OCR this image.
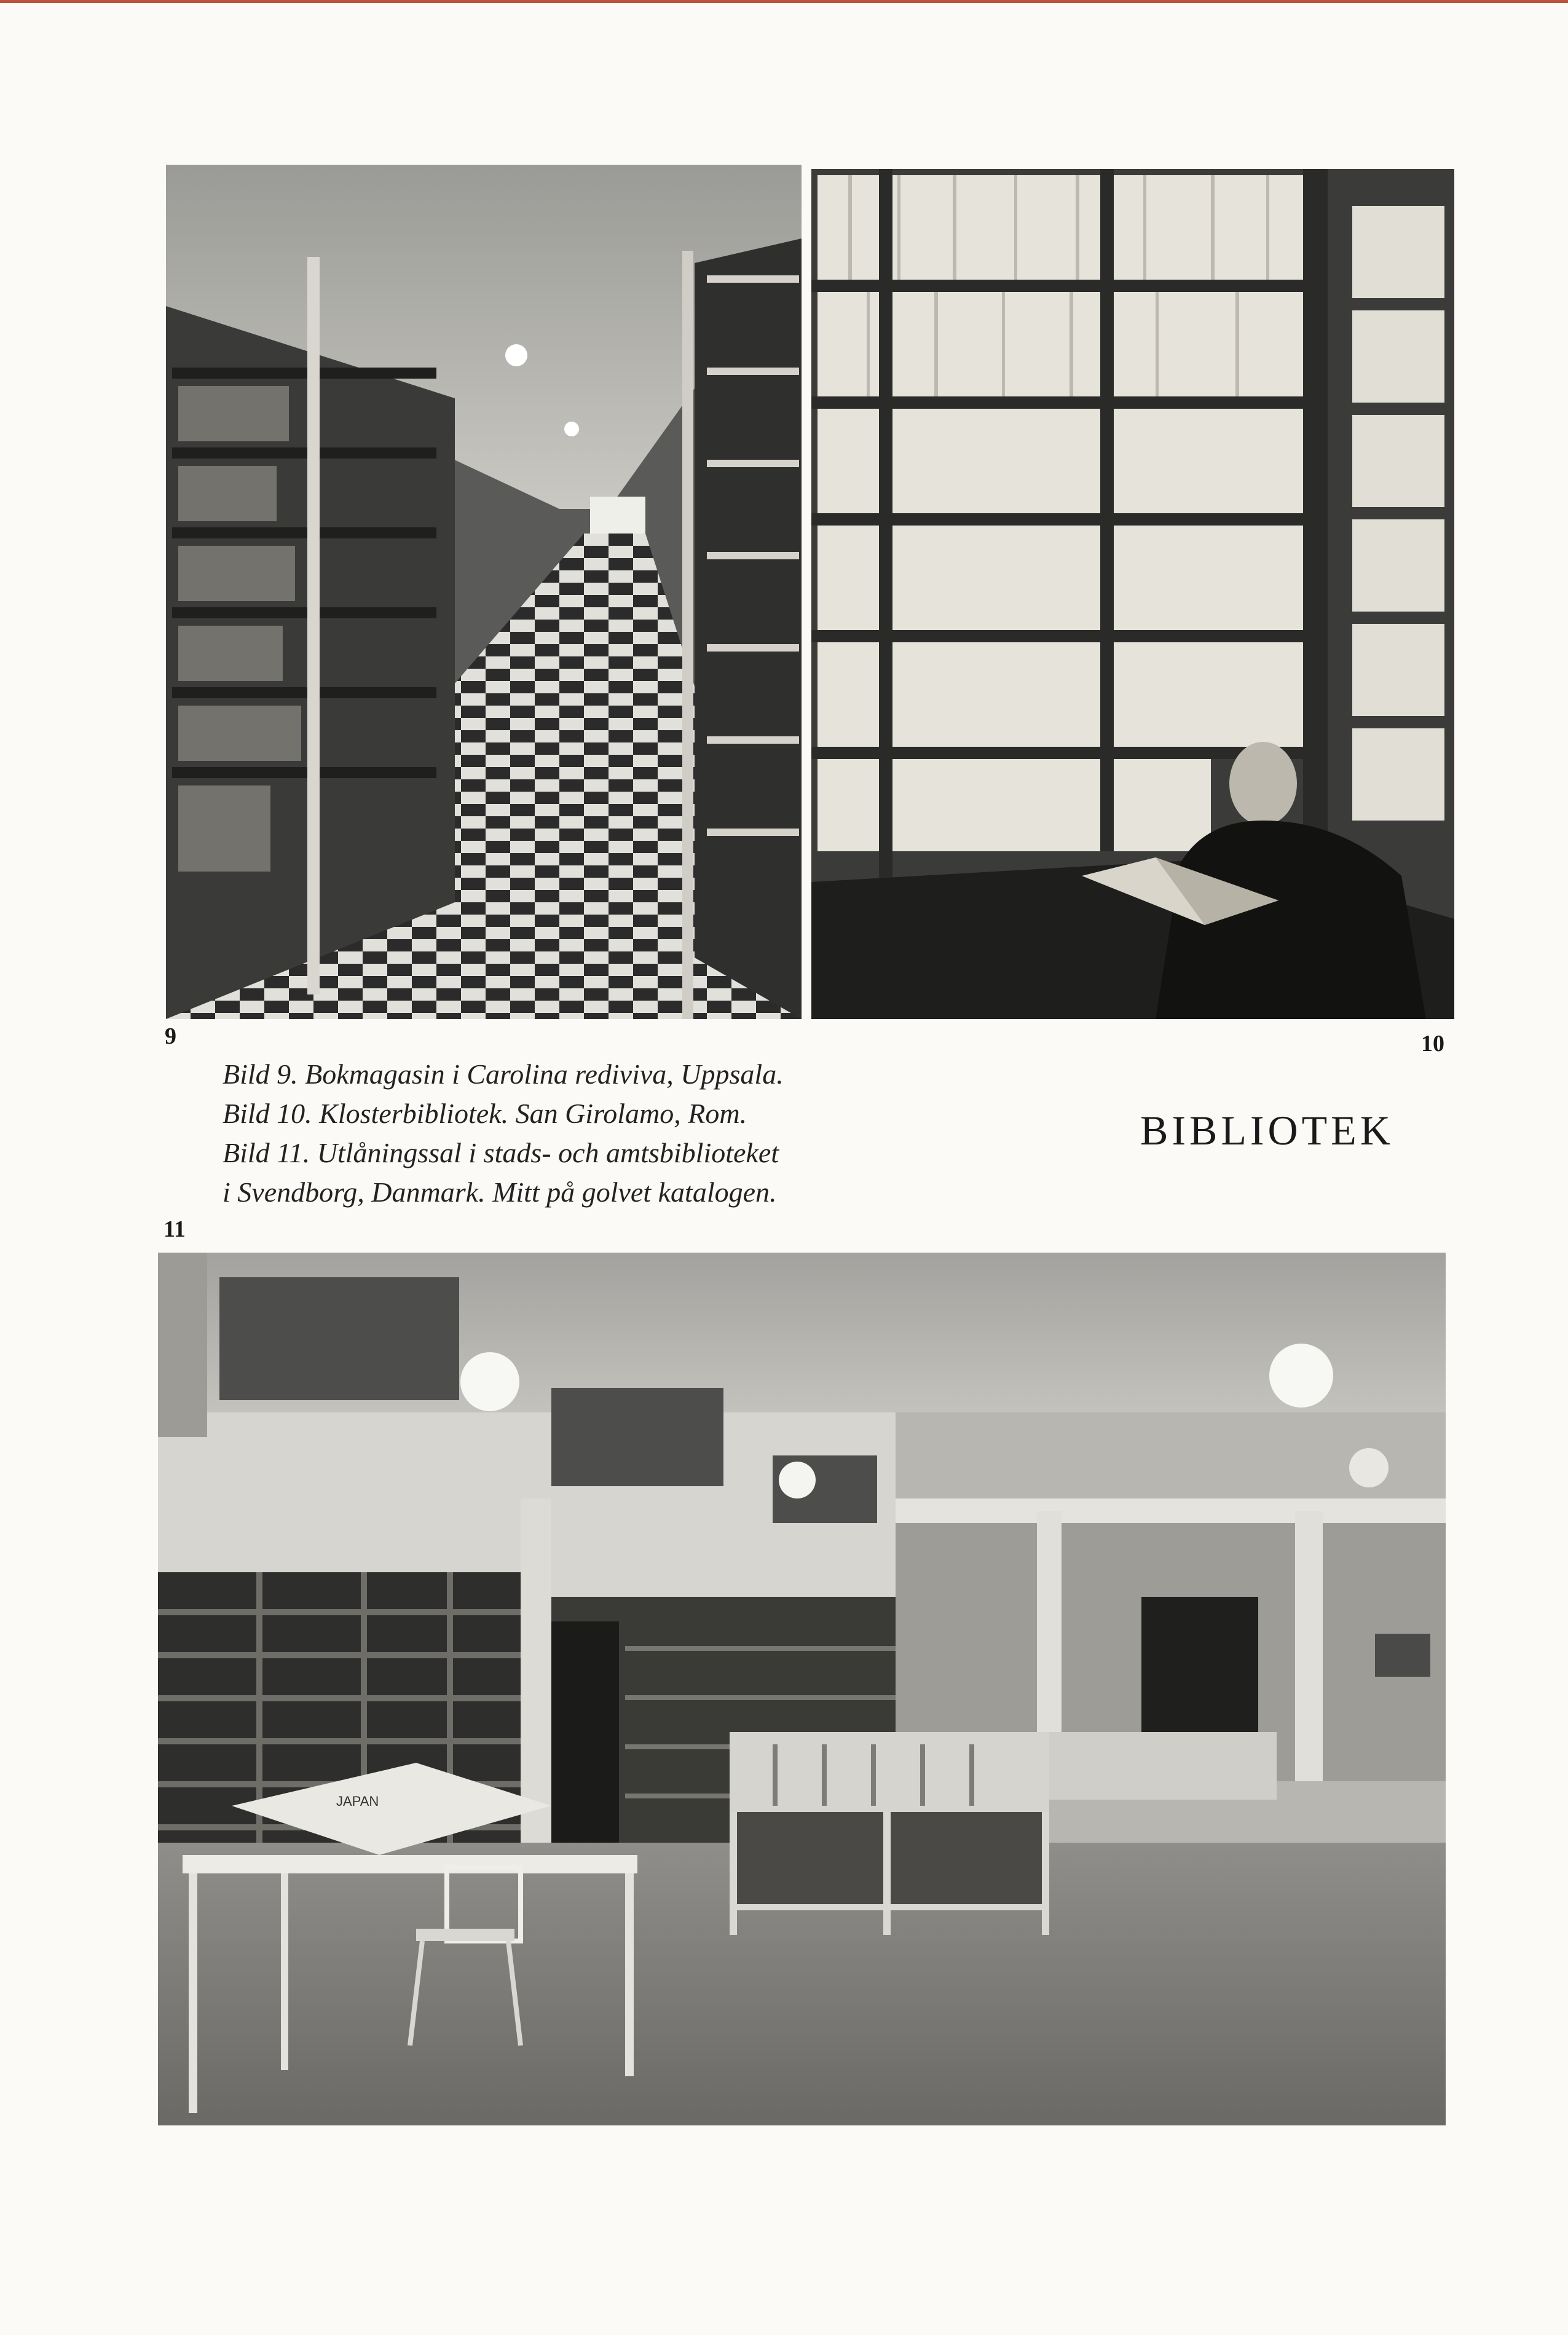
9	10
11
Bild 9. Bokmagasin i Carolina rediviva, Uppsala.
Bild 10. Klosterbibliotek. San Girolamo, Rom.
Bild 11. Utlåningssal i stads- och amtsbiblioteket
i Svendborg, Danmark. Mitt på golvet katalogen.
BIBLIOTEK
JAPAN
